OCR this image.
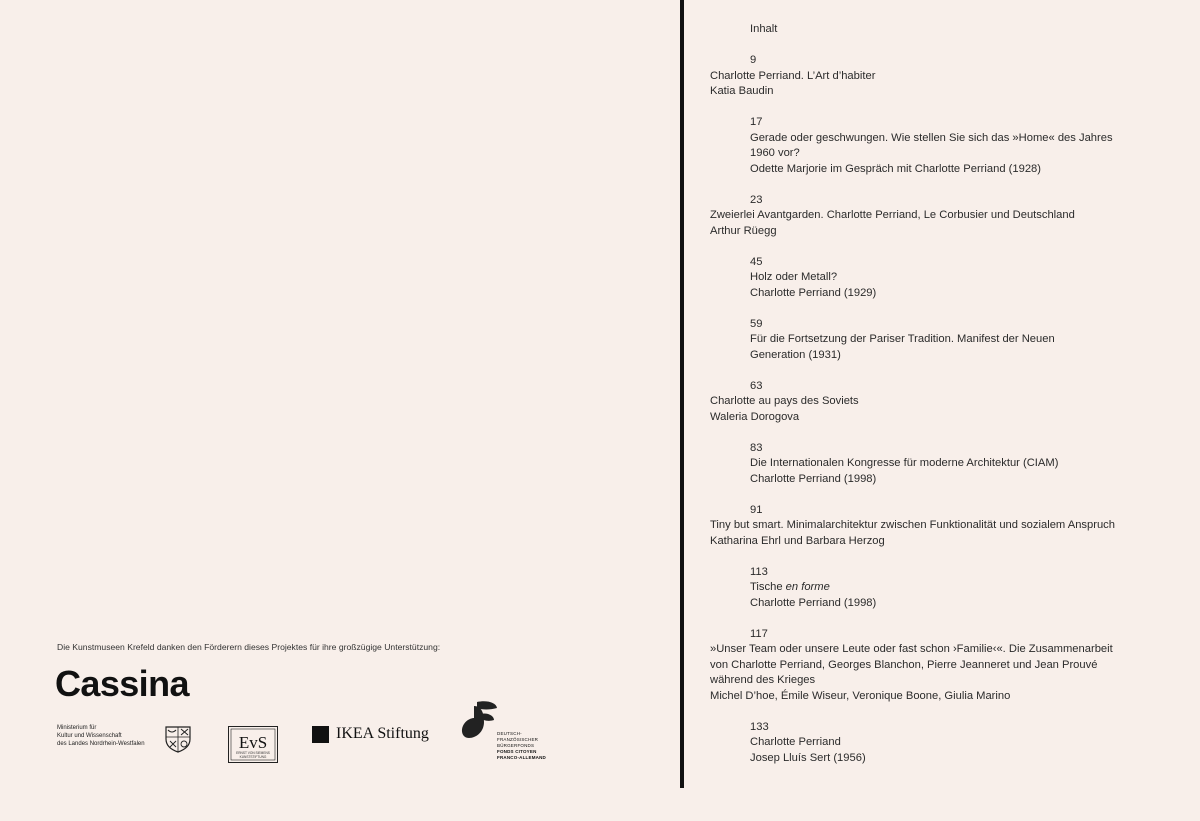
Die Kunstmuseen Krefeld danken den Förderern dieses Projektes für ihre großzügige Unterstützung:
Cassina
Ministerium für
Kultur und Wissenschaft
des Landes Nordrhein-Westfalen	EvS
ERNST VON SIEMENS
KUNSTSTIFTUNG
IKEA Stiftung	DEUTSCH-
FRANZÖSISCHER
BÜRGERFONDS
FONDS CITOYEN
FRANCO-ALLEMAND
Inhalt
9
Charlotte Perriand. L’Art d’habiter
Katia Baudin
17
Gerade oder geschwungen. Wie stellen Sie sich das »Home« des Jahres 1960 vor?
Odette Marjorie im Gespräch mit Charlotte Perriand (1928)
23
Zweierlei Avantgarden. Charlotte Perriand, Le Corbusier und Deutschland
Arthur Rüegg
45
Holz oder Metall?
Charlotte Perriand (1929)
59
Für die Fortsetzung der Pariser Tradition. Manifest der Neuen Generation (1931)
63
Charlotte au pays des Soviets
Waleria Dorogova
83
Die Internationalen Kongresse für moderne Architektur (CIAM)
Charlotte Perriand (1998)
91
Tiny but smart. Minimalarchitektur zwischen Funktionalität und sozialem Anspruch
Katharina Ehrl und Barbara Herzog
113
Tische en forme
Charlotte Perriand (1998)
117
»Unser Team oder unsere Leute oder fast schon ›Familie‹«. Die Zusammenarbeit von Charlotte Perriand, Georges Blanchon, Pierre Jeanneret und Jean Prouvé während des Krieges
Michel D’hoe, Émile Wiseur, Veronique Boone, Giulia Marino
133
Charlotte Perriand
Josep Lluís Sert (1956)
